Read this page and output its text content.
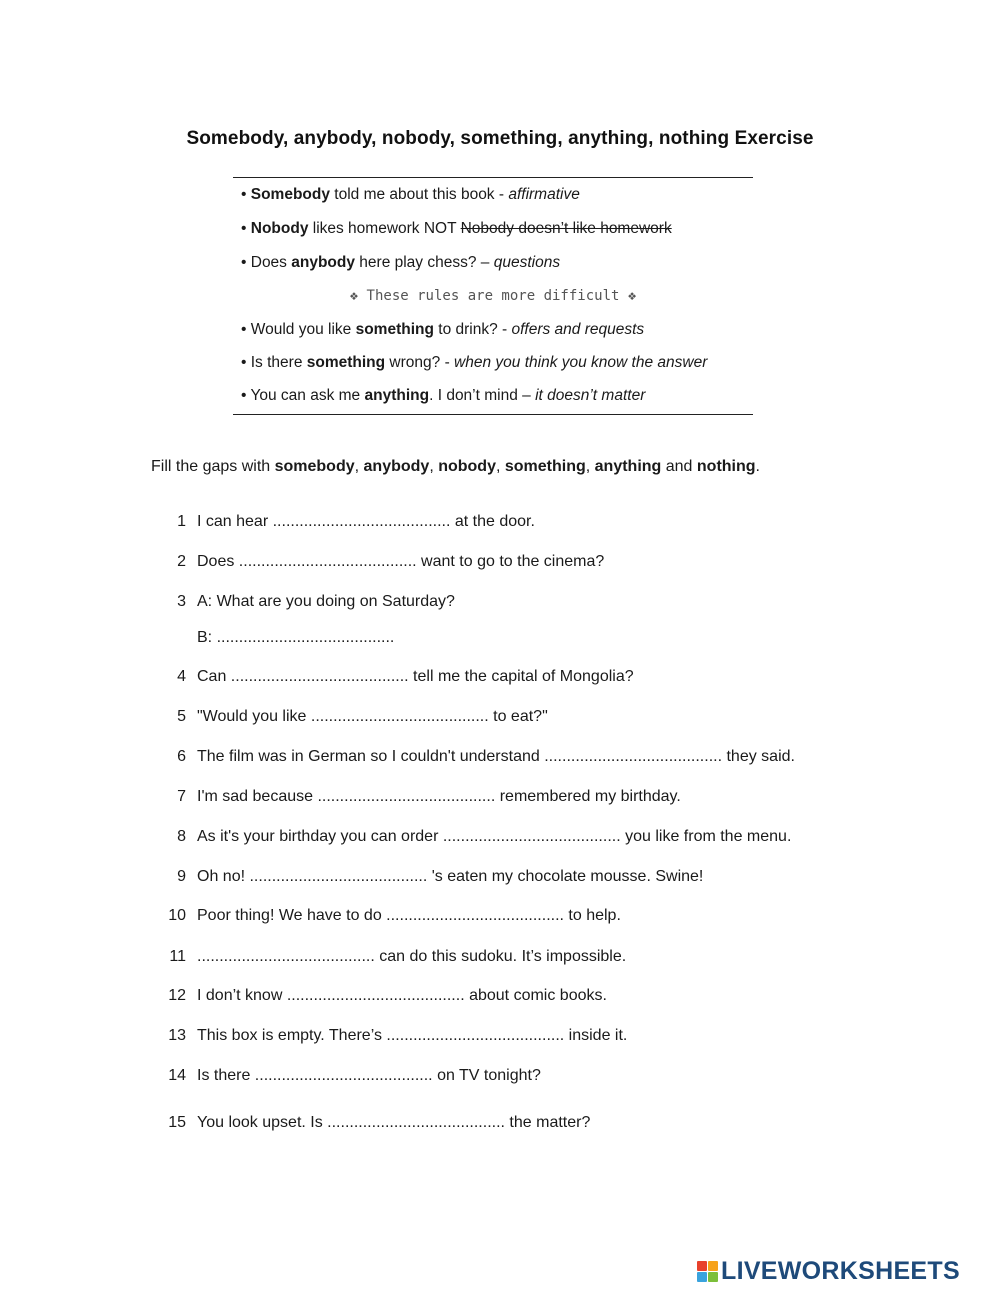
Somebody, anybody, nobody, something, anything, nothing Exercise
• Somebody told me about this book - affirmative
• Nobody likes homework NOT Nobody doesn’t like homework
• Does anybody here play chess? – questions
❖ These rules are more difficult ❖
• Would you like something to drink? - offers and requests
• Is there something wrong? - when you think you know the answer
• You can ask me anything. I don’t mind – it doesn’t matter
Fill the gaps with somebody, anybody, nobody, something, anything and nothing.
1 I can hear ........................................ at the door.
2 Does ........................................ want to go to the cinema?
3 A: What are you doing on Saturday?
B: ........................................
4 Can ........................................ tell me the capital of Mongolia?
5 "Would you like ........................................ to eat?"
6 The film was in German so I couldn't understand ........................................ they said.
7 I'm sad because ........................................ remembered my birthday.
8 As it's your birthday you can order ........................................ you like from the menu.
9 Oh no! ........................................ 's eaten my chocolate mousse. Swine!
10 Poor thing! We have to do ........................................ to help.
11 ........................................ can do this sudoku. It’s impossible.
12 I don’t know ........................................ about comic books.
13 This box is empty. There’s ........................................ inside it.
14 Is there ........................................ on TV tonight?
15 You look upset. Is ........................................ the matter?
LIVEWORKSHEETS
